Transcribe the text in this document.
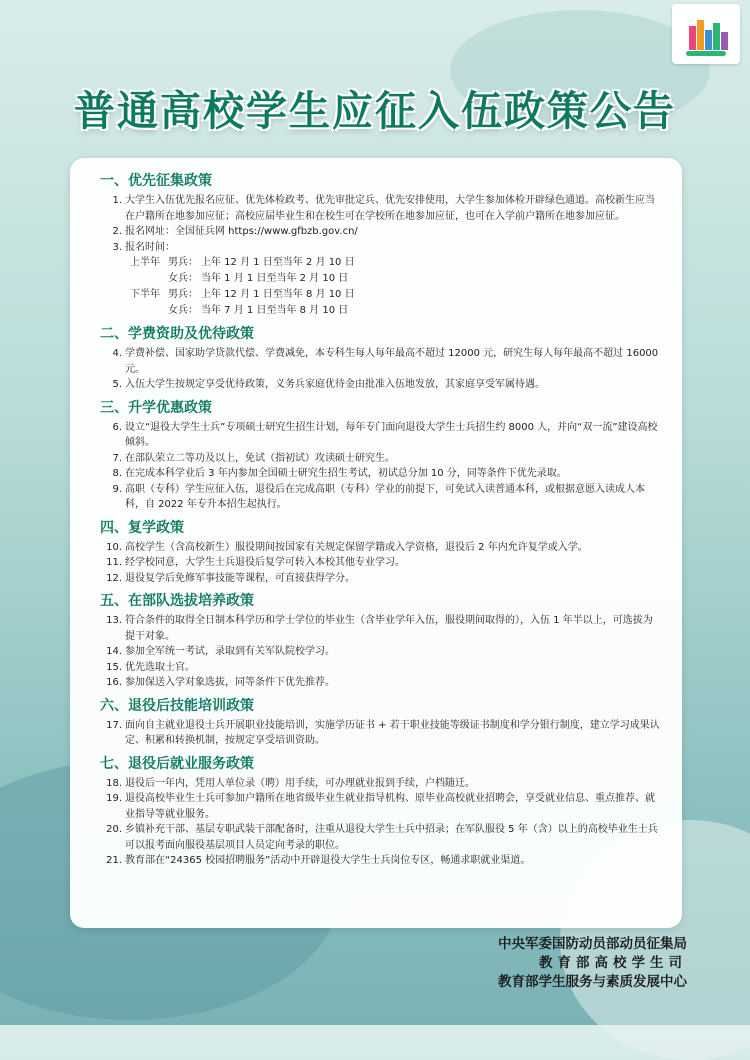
普通高校学生应征入伍政策公告
一、优先征集政策
1. 大学生入伍优先报名应征、优先体检政考、优先审批定兵、优先安排使用，大学生参加体检开辟绿色通道。高校新生应当在户籍所在地参加应征；高校应届毕业生和在校生可在学校所在地参加应征，也可在入学前户籍所在地参加应征。
2. 报名网址：全国征兵网 https://www.gfbzb.gov.cn/
3. 报名时间：
上半年 男兵： 上年 12 月 1 日至当年 2 月 10 日
女兵： 当年 1 月 1 日至当年 2 月 10 日
下半年 男兵： 上年 12 月 1 日至当年 8 月 10 日
女兵： 当年 7 月 1 日至当年 8 月 10 日
二、学费资助及优待政策
4. 学费补偿、国家助学贷款代偿、学费减免，本专科生每人每年最高不超过 12000 元，研究生每人每年最高不超过 16000 元。
5. 入伍大学生按规定享受优待政策，义务兵家庭优待金由批准入伍地发放，其家庭享受军属待遇。
三、升学优惠政策
6. 设立“退役大学生士兵”专项硕士研究生招生计划，每年专门面向退役大学生士兵招生约 8000 人，并向“双一流”建设高校倾斜。
7. 在部队荣立二等功及以上，免试（指初试）攻读硕士研究生。
8. 在完成本科学业后 3 年内参加全国硕士研究生招生考试，初试总分加 10 分，同等条件下优先录取。
9. 高职（专科）学生应征入伍，退役后在完成高职（专科）学业的前提下，可免试入读普通本科，或根据意愿入读成人本科，自 2022 年专升本招生起执行。
四、复学政策
10. 高校学生（含高校新生）服役期间按国家有关规定保留学籍或入学资格，退役后 2 年内允许复学或入学。
11. 经学校同意，大学生士兵退役后复学可转入本校其他专业学习。
12. 退役复学后免修军事技能等课程，可直接获得学分。
五、在部队选拔培养政策
13. 符合条件的取得全日制本科学历和学士学位的毕业生（含毕业学年入伍，服役期间取得的），入伍 1 年半以上，可选拔为提干对象。
14. 参加全军统一考试，录取到有关军队院校学习。
15. 优先选取士官。
16. 参加保送入学对象选拔，同等条件下优先推荐。
六、退役后技能培训政策
17. 面向自主就业退役士兵开展职业技能培训，实施学历证书 + 若干职业技能等级证书制度和学分银行制度，建立学习成果认定、积累和转换机制，按规定享受培训资助。
七、退役后就业服务政策
18. 退役后一年内，凭用人单位录（聘）用手续，可办理就业报到手续，户档随迁。
19. 退役高校毕业生士兵可参加户籍所在地省级毕业生就业指导机构、原毕业高校就业招聘会，享受就业信息、重点推荐、就业指导等就业服务。
20. 乡镇补充干部、基层专职武装干部配备时，注重从退役大学生士兵中招录；在军队服役 5 年（含）以上的高校毕业生士兵可以报考面向服役基层项目人员定向考录的职位。
21. 教育部在“24365 校园招聘服务”活动中开辟退役大学生士兵岗位专区，畅通求职就业渠道。
中央军委国防动员部动员征集局
教育部高校学生司
教育部学生服务与素质发展中心
